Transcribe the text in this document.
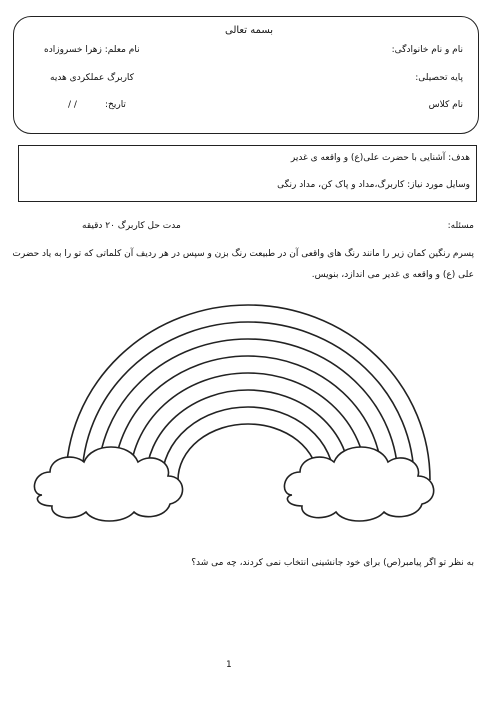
بسمه تعالی
نام و نام خانوادگی:
نام معلم: زهرا خسروزاده
پایه تحصیلی:
کاربرگ عملکردی هدیه
نام کلاس
تاریخ:
/ /
هدف: آشنایی با حضرت علی(ع) و واقعه ی غدیر
وسایل مورد نیاز: کاربرگ،مداد و پاک کن، مداد رنگی
مسئله:
مدت حل کاربرگ ۲۰ دقیقه
پسرم رنگین کمان زیر را مانند رنگ های واقعی آن در طبیعت رنگ بزن و سپس در هر ردیف آن کلماتی که تو را به یاد حضرت
علی (ع) و واقعه ی غدیر می اندازد، بنویس.
به نظر تو اگر پیامبر(ص) برای خود جانشینی انتخاب نمی کردند، چه می شد؟
1
